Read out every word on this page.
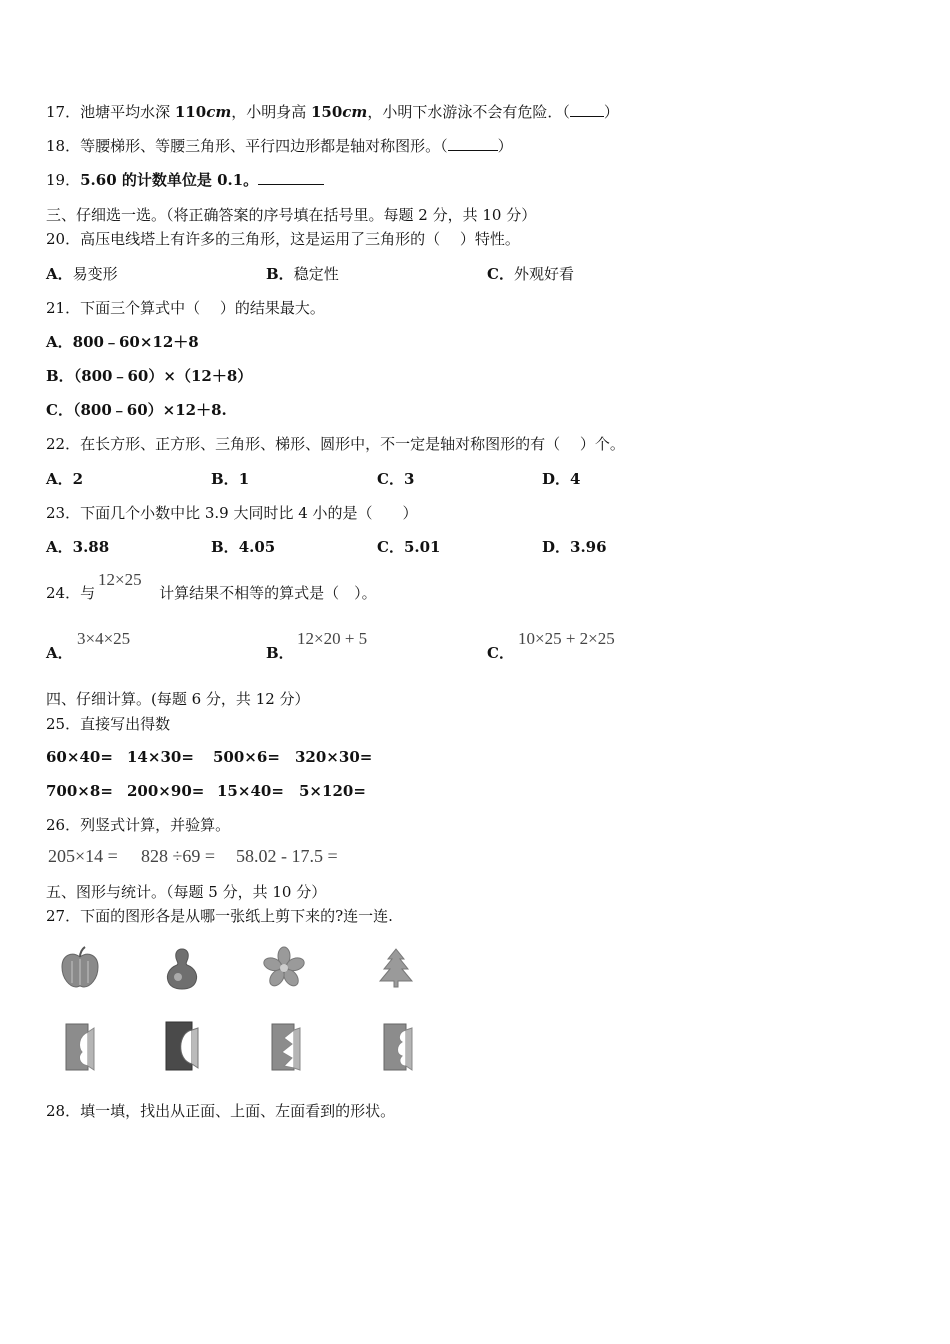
17．池塘平均水深 110cm，小明身高 150cm，小明下水游泳不会有危险．（ ）
18．等腰梯形、等腰三角形、平行四边形都是轴对称图形。（	）
19．5.60 的计数单位是 0.1。
三、仔细选一选。（将正确答案的序号填在括号里。每题 2 分，共 10 分）
20．高压电线塔上有许多的三角形，这是运用了三角形的（　 ）特性。
A．易变形	B．稳定性	C．外观好看
21．下面三个算式中（　 ）的结果最大。
A．800﹣60×12＋8
B．（800﹣60）×（12＋8）
C．（800﹣60）×12＋8.
22．在长方形、正方形、三角形、梯形、圆形中，不一定是轴对称图形的有（　 ）个。
A．2	B．1	C．3	D．4
23．下面几个小数中比 3.9 大同时比 4 小的是（　　）
A．3.88	B．4.05	C．5.01	D．3.96
24．与	计算结果不相等的算式是（　）。
12×25
A．
3×4×25
B．
12×20 + 5
C．
10×25 + 2×25
四、仔细计算。(每题 6 分，共 12 分）
25．直接写出得数
60×40= 14×30= 500×6= 320×30=
700×8= 200×90= 15×40= 5×120=
26．列竖式计算，并验算。
205×14 = 828 ÷69 = 58.02 - 17.5 =
五、图形与统计。（每题 5 分，共 10 分）
27．下面的图形各是从哪一张纸上剪下来的?连一连.
28．填一填，找出从正面、上面、左面看到的形状。
